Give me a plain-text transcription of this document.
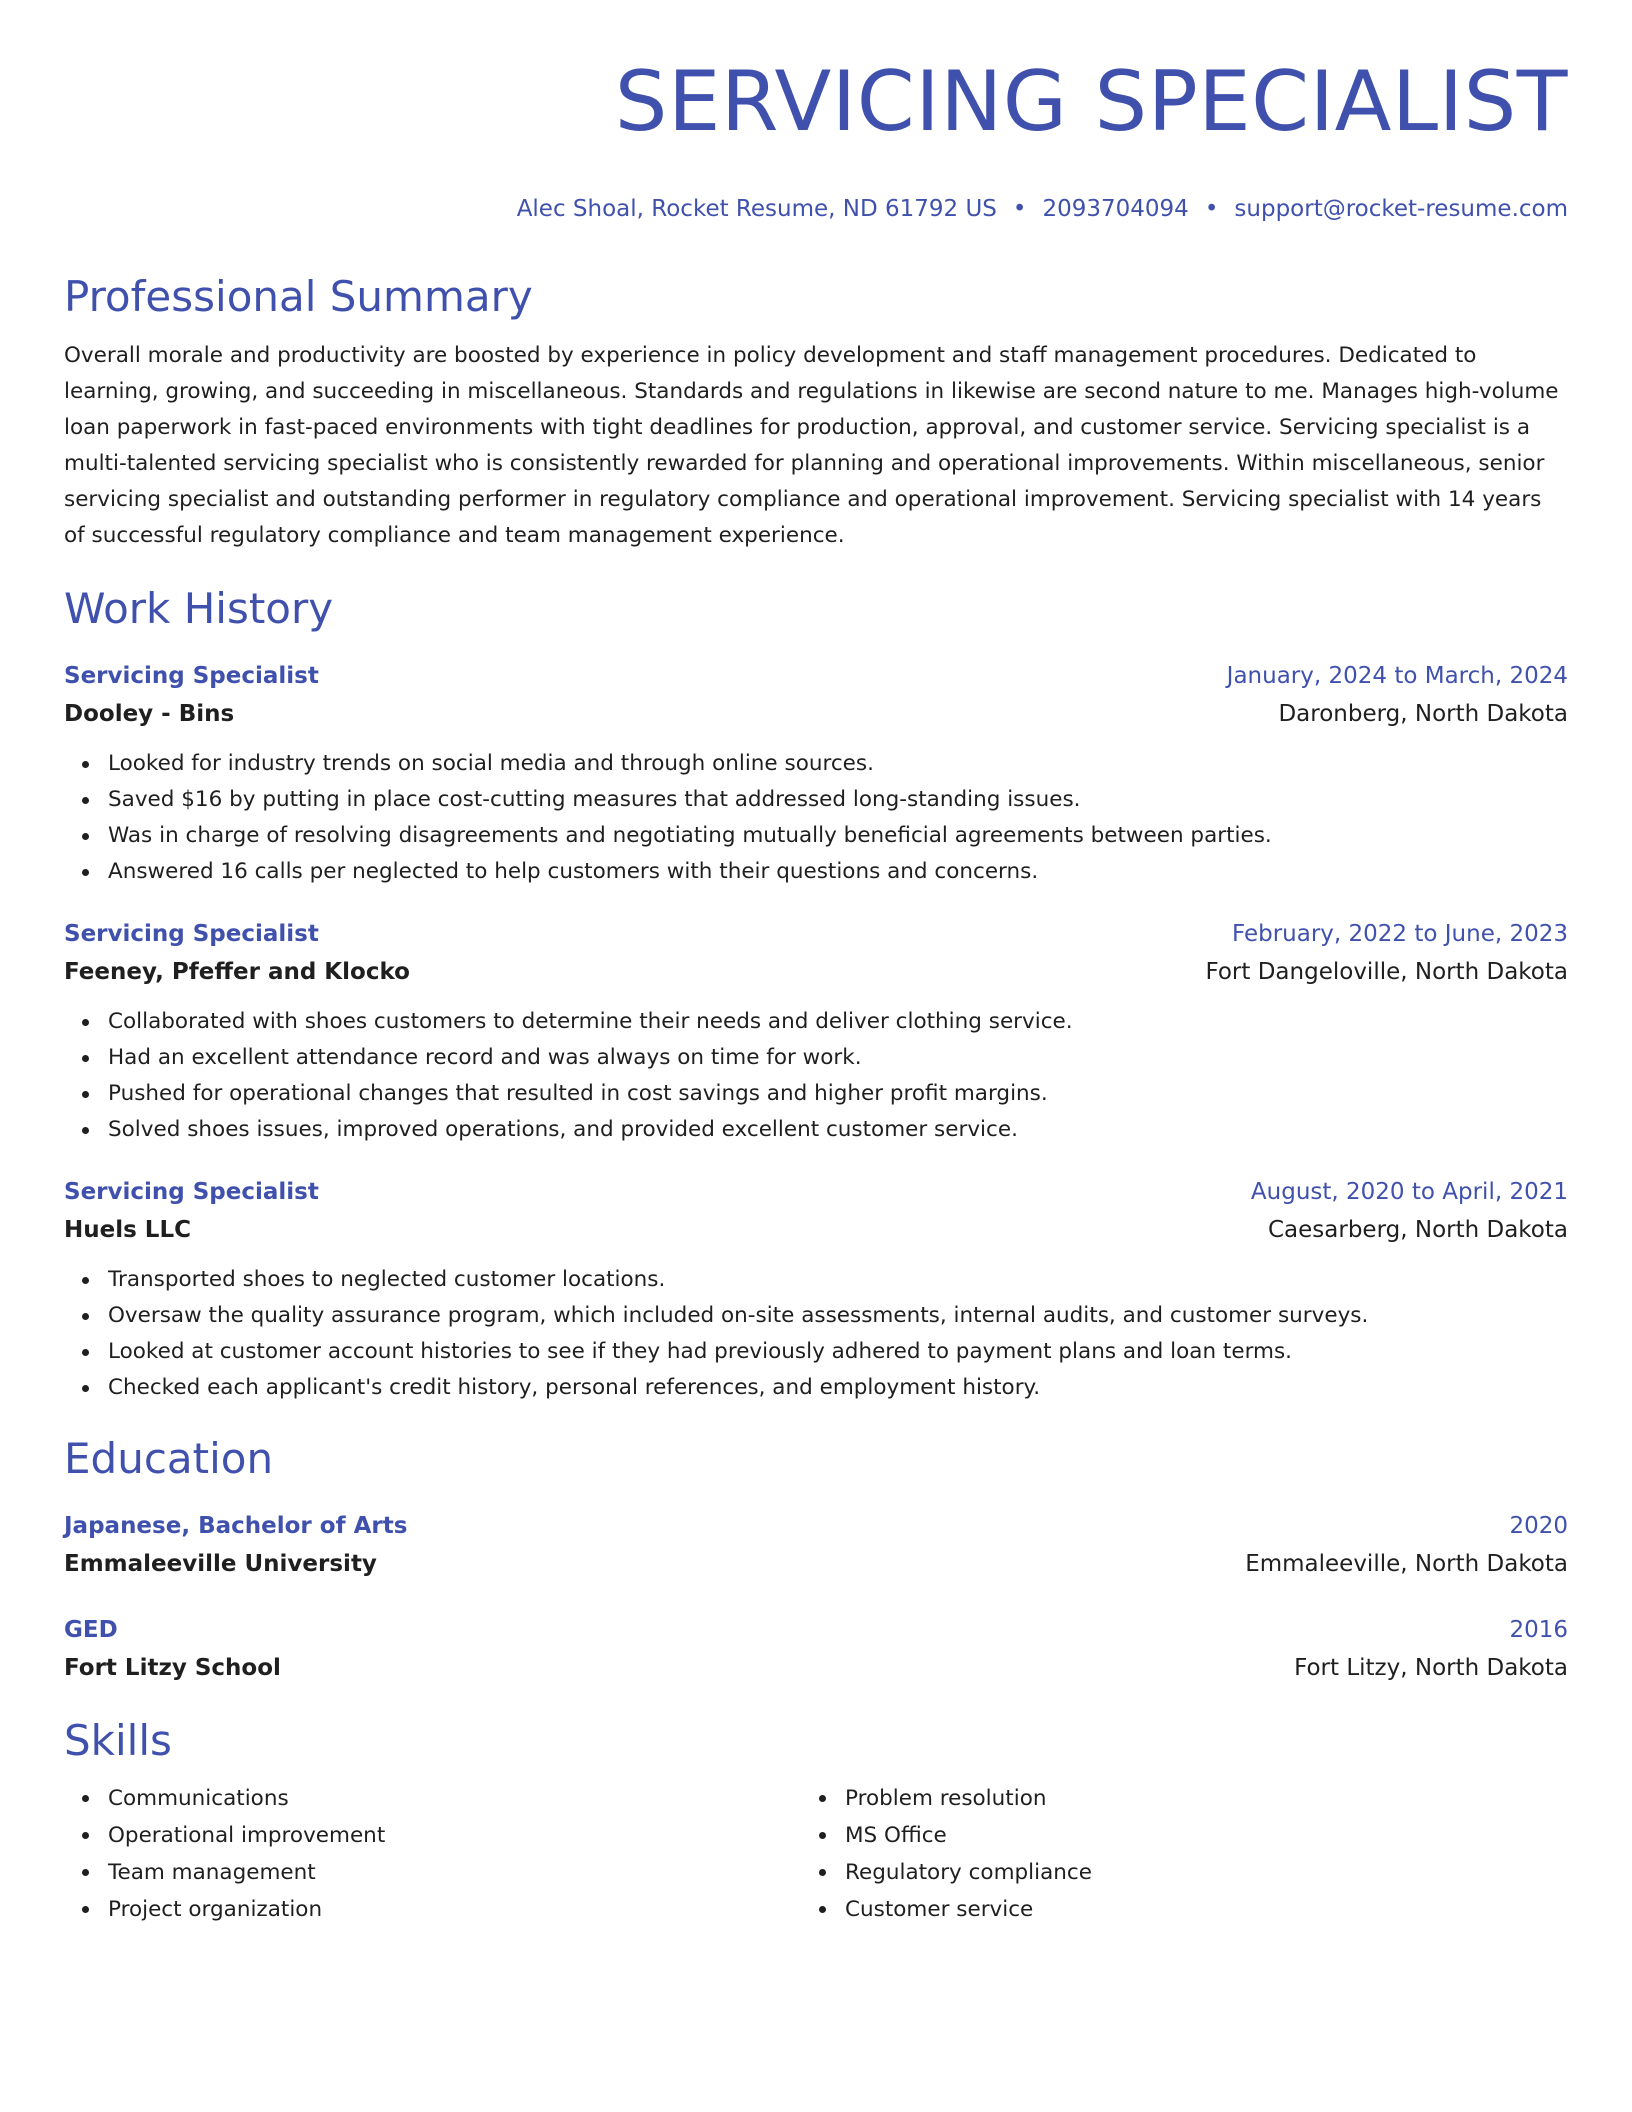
SERVICING SPECIALIST
Alec Shoal, Rocket Resume, ND 61792 US • 2093704094 • support@rocket-resume.com
Professional Summary
Overall morale and productivity are boosted by experience in policy development and staff management procedures. Dedicated to learning, growing, and succeeding in miscellaneous. Standards and regulations in likewise are second nature to me. Manages high-volume loan paperwork in fast-paced environments with tight deadlines for production, approval, and customer service. Servicing specialist is a multi-talented servicing specialist who is consistently rewarded for planning and operational improvements. Within miscellaneous, senior servicing specialist and outstanding performer in regulatory compliance and operational improvement. Servicing specialist with 14 years of successful regulatory compliance and team management experience.
Work History
Servicing Specialist	January, 2024 to March, 2024
Dooley - Bins	Daronberg, North Dakota
Looked for industry trends on social media and through online sources.
Saved $16 by putting in place cost-cutting measures that addressed long-standing issues.
Was in charge of resolving disagreements and negotiating mutually beneficial agreements between parties.
Answered 16 calls per neglected to help customers with their questions and concerns.
Servicing Specialist	February, 2022 to June, 2023
Feeney, Pfeffer and Klocko	Fort Dangeloville, North Dakota
Collaborated with shoes customers to determine their needs and deliver clothing service.
Had an excellent attendance record and was always on time for work.
Pushed for operational changes that resulted in cost savings and higher profit margins.
Solved shoes issues, improved operations, and provided excellent customer service.
Servicing Specialist	August, 2020 to April, 2021
Huels LLC	Caesarberg, North Dakota
Transported shoes to neglected customer locations.
Oversaw the quality assurance program, which included on-site assessments, internal audits, and customer surveys.
Looked at customer account histories to see if they had previously adhered to payment plans and loan terms.
Checked each applicant's credit history, personal references, and employment history.
Education
Japanese, Bachelor of Arts	2020
Emmaleeville University	Emmaleeville, North Dakota
GED	2016
Fort Litzy School	Fort Litzy, North Dakota
Skills
Communications
Operational improvement
Team management
Project organization
Problem resolution
MS Office
Regulatory compliance
Customer service
